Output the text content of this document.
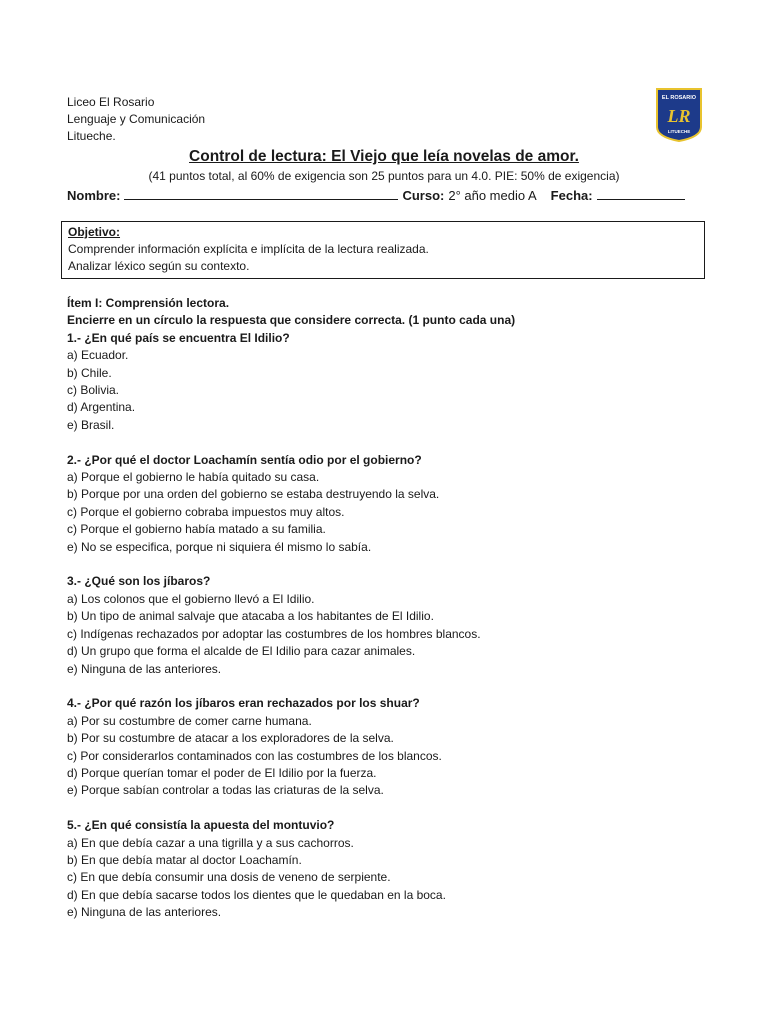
Liceo El Rosario
Lenguaje y Comunicación
Litueche.
EL ROSARIO
LR
LITUECHE
Control de lectura: El Viejo que leía novelas de amor.
(41 puntos total, al 60% de exigencia son 25 puntos para un 4.0. PIE: 50% de exigencia)
Nombre:	Curso: 2° año medio A Fecha:
Objetivo:
Comprender información explícita e implícita de la lectura realizada.
Analizar léxico según su contexto.
Ítem I: Comprensión lectora.
Encierre en un círculo la respuesta que considere correcta. (1 punto cada una)
1.- ¿En qué país se encuentra El Idilio?
a) Ecuador.
b) Chile.
c) Bolivia.
d) Argentina.
e) Brasil.
2.- ¿Por qué el doctor Loachamín sentía odio por el gobierno?
a) Porque el gobierno le había quitado su casa.
b) Porque por una orden del gobierno se estaba destruyendo la selva.
c) Porque el gobierno cobraba impuestos muy altos.
c) Porque el gobierno había matado a su familia.
e) No se especifica, porque ni siquiera él mismo lo sabía.
3.- ¿Qué son los jíbaros?
a) Los colonos que el gobierno llevó a El Idilio.
b) Un tipo de animal salvaje que atacaba a los habitantes de El Idilio.
c) Indígenas rechazados por adoptar las costumbres de los hombres blancos.
d) Un grupo que forma el alcalde de El Idilio para cazar animales.
e) Ninguna de las anteriores.
4.- ¿Por qué razón los jíbaros eran rechazados por los shuar?
a) Por su costumbre de comer carne humana.
b) Por su costumbre de atacar a los exploradores de la selva.
c) Por considerarlos contaminados con las costumbres de los blancos.
d) Porque querían tomar el poder de El Idilio por la fuerza.
e) Porque sabían controlar a todas las criaturas de la selva.
5.- ¿En qué consistía la apuesta del montuvio?
a) En que debía cazar a una tigrilla y a sus cachorros.
b) En que debía matar al doctor Loachamín.
c) En que debía consumir una dosis de veneno de serpiente.
d) En que debía sacarse todos los dientes que le quedaban en la boca.
e) Ninguna de las anteriores.
